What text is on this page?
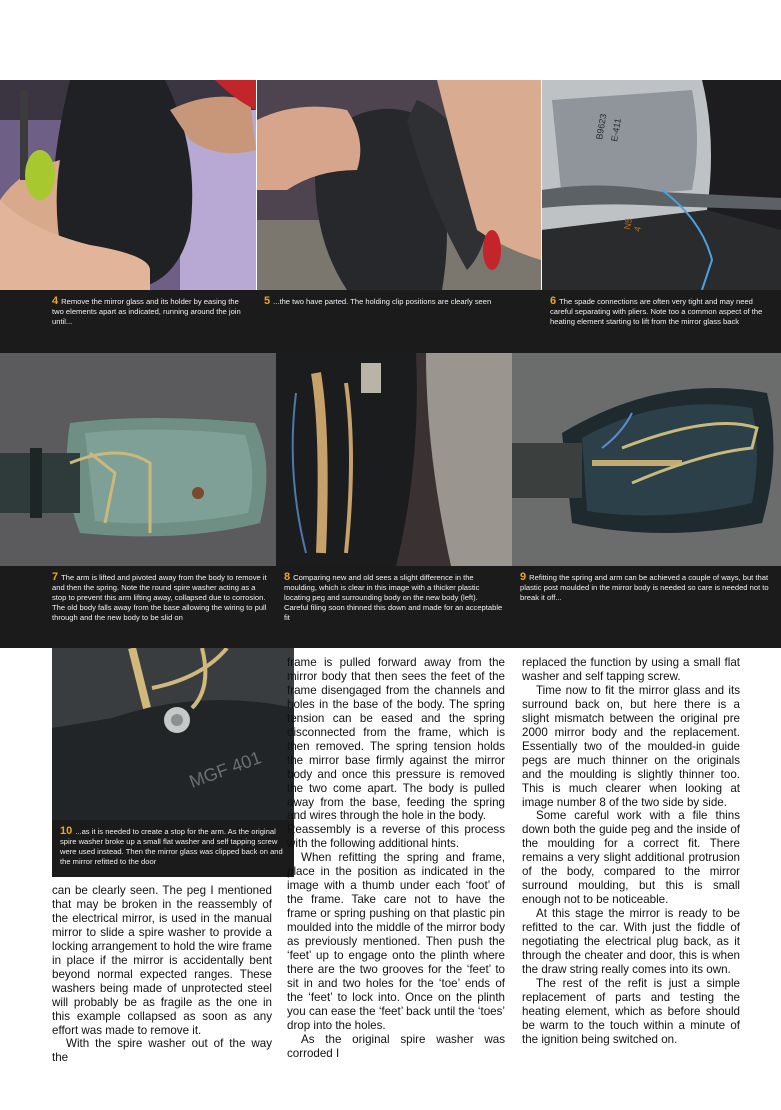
B9623 E-411
N5
4
4 Remove the mirror glass and its holder by easing the two elements apart as indicated, running around the join until...
5 ...the two have parted. The holding clip positions are clearly seen	6 The spade connections are often very tight and may need careful separating with pliers. Note too a common aspect of the heating element starting to lift from the mirror glass back
7 The arm is lifted and pivoted away from the body to remove it and then the spring. Note the round spire washer acting as a stop to prevent this arm lifting away, collapsed due to corrosion. The old body falls away from the base allowing the wiring to pull through and the new body to be slid on
8 Comparing new and old sees a slight difference in the moulding, which is clear in this image with a thicker plastic locating peg and surrounding body on the new body (left). Careful filing soon thinned this down and made for an acceptable fit
9 Refitting the spring and arm can be achieved a couple of ways, but that plastic post moulded in the mirror body is needed so care is needed not to break it off...
MGF 401
10 ...as it is needed to create a stop for the arm. As the original spire washer broke up a small flat washer and self tapping screw were used instead. Then the mirror glass was clipped back on and the mirror refitted to the door

can be clearly seen. The peg I mentioned that may be broken in the reassembly of the electrical mirror, is used in the manual mirror to slide a spire washer to provide a locking arrangement to hold the wire frame in place if the mirror is accidentally bent beyond normal expected ranges. These washers being made of unprotected steel will probably be as fragile as the one in this example collapsed as soon as any effort was made to remove it.

With the spire washer out of the way the

frame is pulled forward away from the mirror body that then sees the feet of the frame disengaged from the channels and holes in the base of the body. The spring tension can be eased and the spring disconnected from the frame, which is then removed. The spring tension holds the mirror base firmly against the mirror body and once this pressure is removed the two come apart. The body is pulled away from the base, feeding the spring and wires through the hole in the body.

Reassembly is a reverse of this process with the following additional hints.

When refitting the spring and frame, place in the position as indicated in the image with a thumb under each ‘foot’ of the frame. Take care not to have the frame or spring pushing on that plastic pin moulded into the middle of the mirror body as previously mentioned. Then push the ‘feet’ up to engage onto the plinth where there are the two grooves for the ‘feet’ to sit in and two holes for the ‘toe’ ends of the ‘feet’ to lock into. Once on the plinth you can ease the ‘feet’ back until the ‘toes’ drop into the holes.

As the original spire washer was corroded I

replaced the function by using a small flat washer and self tapping screw.

Time now to fit the mirror glass and its surround back on, but here there is a slight mismatch between the original pre 2000 mirror body and the replacement. Essentially two of the moulded-in guide pegs are much thinner on the originals and the moulding is slightly thinner too. This is much clearer when looking at image number 8 of the two side by side.

Some careful work with a file thins down both the guide peg and the inside of the moulding for a correct fit. There remains a very slight additional protrusion of the body, compared to the mirror surround moulding, but this is small enough not to be noticeable.

At this stage the mirror is ready to be refitted to the car. With just the fiddle of negotiating the electrical plug back, as it through the cheater and door, this is when the draw string really comes into its own.

The rest of the refit is just a simple replacement of parts and testing the heating element, which as before should be warm to the touch within a minute of the ignition being switched on.
